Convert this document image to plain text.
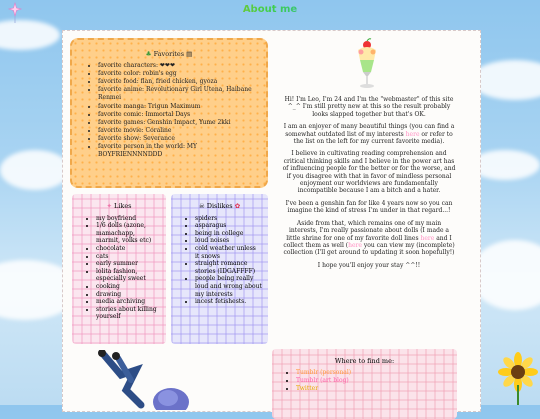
About me
♣ Favorites ▤
• favorite characters: ❤❤❤
• favorite color: robin's egg
• favorite food: flan, fried chicken, gyoza
• favorite anime: Revolutionary Girl Utena, Haibane Renmei
• favorite manga: Trigun Maximum
• favorite comic: Immortal Days
• favorite games: Genshin Impact, Yume 2kki
• favorite movie: Coraline
• favorite show: Severance
• favorite person in the world: MY BOYFRIENNNNDDD
✦ Likes
• my boyfriend
• 1/6 dolls (azone, mamachapp, marmit, volks etc)
• chocolate
• cats
• early summer
• lolita fashion, especially sweet
• cooking
• drawing
• media archiving
• stories about killing yourself
☠ Dislikes ✿
• spiders
• asparagus
• being in college
• loud noises
• cold weather unless it snows
• straight romance stories (IDGAFFFF)
• people being really loud and wrong about my interests
• incest fetishests.

Hi! I'm Leo, I'm 24 and I'm the "webmaster" of this site ^_^ I'm still pretty new at this so the result probably looks slapped together but that's OK.

I am an enjoyer of many beautiful things (you can find a somewhat outdated list of my interests here or refer to the list on the left for my current favorite media).

I believe in cultivating reading comprehension and critical thinking skills and I believe in the power art has of influencing people for the better or for the worse, and if you disagree with that in favor of mindless personal enjoyment our worldviews are fundamentally incompatible because I am a bitch and a hater.

I've been a genshin fan for like 4 years now so you can imagine the kind of stress I'm under in that regard...!

Aside from that, which remains one of my main interests, I'm really passionate about dolls (I made a little shrine for one of my favorite doll lines here and I collect them as well (here you can view my (incomplete) collection (I'll get around to updating it soon hopefully!)

I hope you'll enjoy your stay ^^!!

Where to find me:
• Tumblr (personal)
• Tumblr (art blog)
• Twitter
